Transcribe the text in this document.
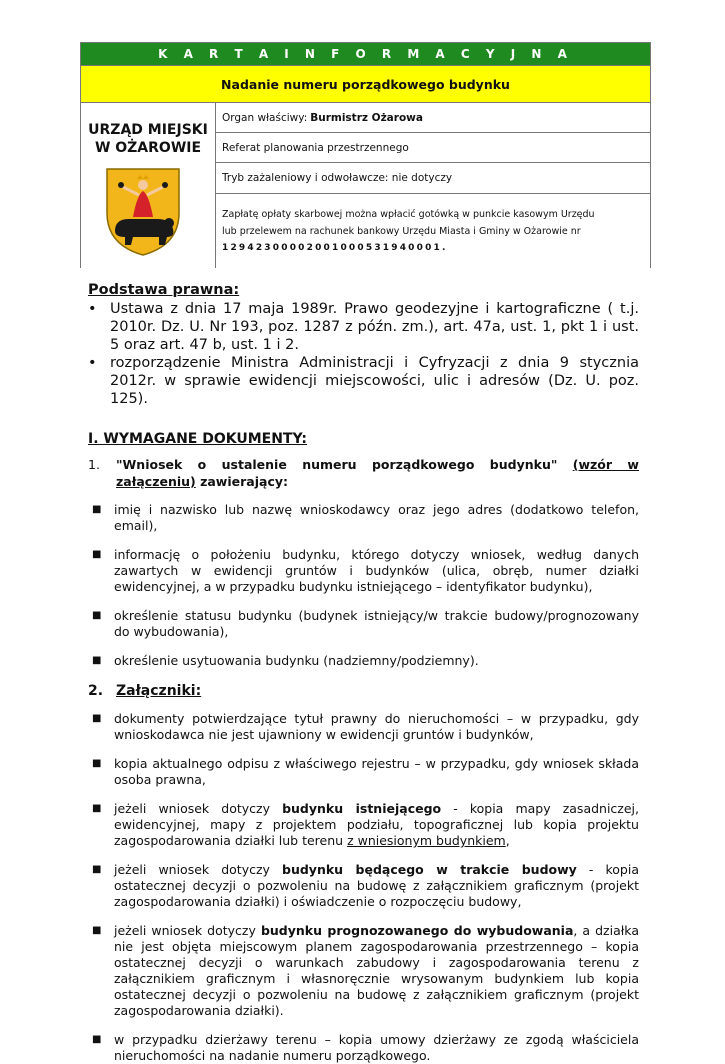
K A R T A I N F O R M A C Y J N A
Nadanie numeru porządkowego budynku
URZĄD MIEJSKI
W OŻAROWIE
Organ właściwy: Burmistrz Ożarowa
Referat planowania przestrzennego
Tryb zażaleniowy i odwoławcze: nie dotyczy
Zapłatę opłaty skarbowej można wpłacić gotówką w punkcie kasowym Urzędu
lub przelewem na rachunek bankowy Urzędu Miasta i Gminy w Ożarowie nr
12942300002001000531940001.
Podstawa prawna:
• Ustawa z dnia 17 maja 1989r. Prawo geodezyjne i kartograficzne ( t.j. 2010r. Dz. U. Nr 193, poz. 1287 z późn. zm.), art. 47a, ust. 1, pkt 1 i ust. 5 oraz art. 47 b, ust. 1 i 2.
• rozporządzenie Ministra Administracji i Cyfryzacji z dnia 9 stycznia 2012r. w sprawie ewidencji miejscowości, ulic i adresów (Dz. U. poz. 125).
I. WYMAGANE DOKUMENTY:
1. "Wniosek o ustalenie numeru porządkowego budynku" (wzór w załączeniu) zawierający:
■ imię i nazwisko lub nazwę wnioskodawcy oraz jego adres (dodatkowo telefon, email),
■ informację o położeniu budynku, którego dotyczy wniosek, według danych zawartych w ewidencji gruntów i budynków (ulica, obręb, numer działki ewidencyjnej, a w przypadku budynku istniejącego – identyfikator budynku),
■ określenie statusu budynku (budynek istniejący/w trakcie budowy/prognozowany do wybudowania),
■ określenie usytuowania budynku (nadziemny/podziemny).
2. Załączniki:
■ dokumenty potwierdzające tytuł prawny do nieruchomości – w przypadku, gdy wnioskodawca nie jest ujawniony w ewidencji gruntów i budynków,
■ kopia aktualnego odpisu z właściwego rejestru – w przypadku, gdy wniosek składa osoba prawna,
■ jeżeli wniosek dotyczy budynku istniejącego - kopia mapy zasadniczej, ewidencyjnej, mapy z projektem podziału, topograficznej lub kopia projektu zagospodarowania działki lub terenu z wniesionym budynkiem,
■ jeżeli wniosek dotyczy budynku będącego w trakcie budowy - kopia ostatecznej decyzji o pozwoleniu na budowę z załącznikiem graficznym (projekt zagospodarowania działki) i oświadczenie o rozpoczęciu budowy,
■ jeżeli wniosek dotyczy budynku prognozowanego do wybudowania, a działka nie jest objęta miejscowym planem zagospodarowania przestrzennego – kopia ostatecznej decyzji o warunkach zabudowy i zagospodarowania terenu z załącznikiem graficznym i własnoręcznie wrysowanym budynkiem lub kopia ostatecznej decyzji o pozwoleniu na budowę z załącznikiem graficznym (projekt zagospodarowania działki).
■ w przypadku dzierżawy terenu – kopia umowy dzierżawy ze zgodą właściciela nieruchomości na nadanie numeru porządkowego.
